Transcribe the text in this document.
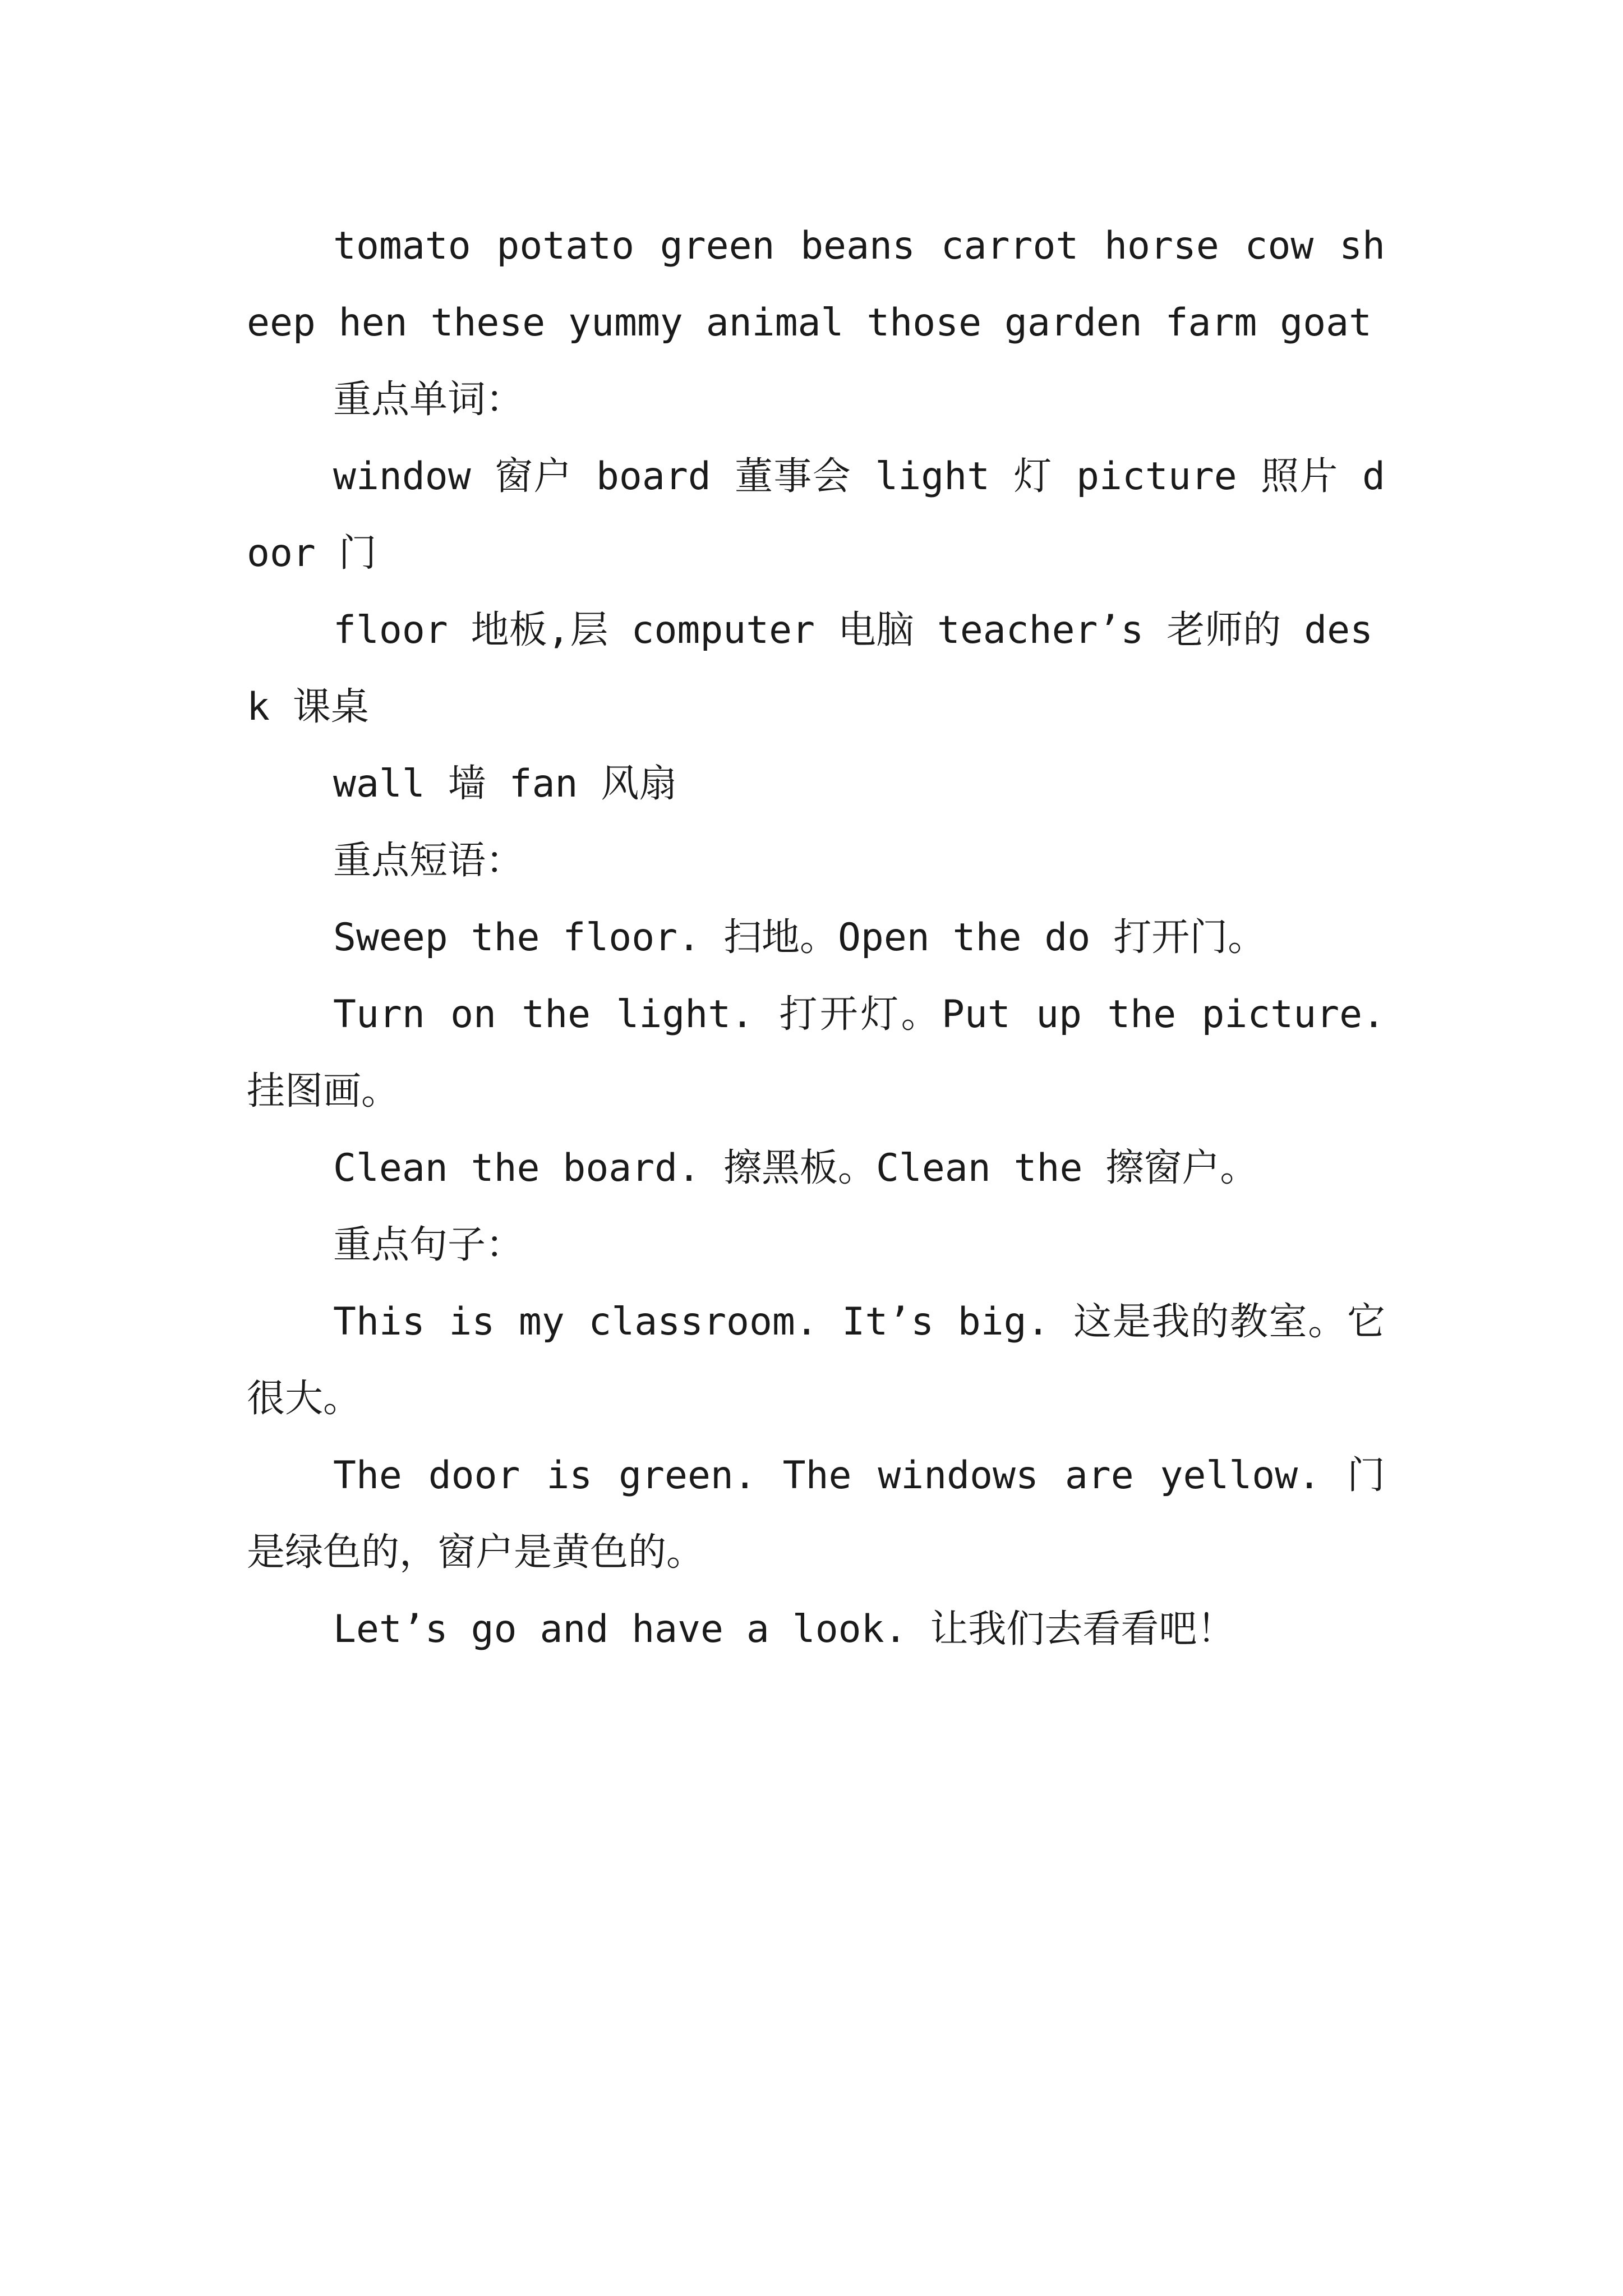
tomato potato green beans carrot horse cow sheep hen these yummy animal those garden farm goat

重点单词：

window 窗户 board 董事会 light 灯 picture 照片 door 门

floor 地板,层 computer 电脑 teacher’s 老师的 desk 课桌

wall 墙 fan 风扇

重点短语：

Sweep the floor. 扫地。Open the do 打开门。

Turn on the light. 打开灯。Put up the picture. 挂图画。

Clean the board. 擦黑板。Clean the 擦窗户。

重点句子：

This is my classroom. It’s big. 这是我的教室。它很大。

The door is green. The windows are yellow. 门是绿色的，窗户是黄色的。

Let’s go and have a look. 让我们去看看吧！
